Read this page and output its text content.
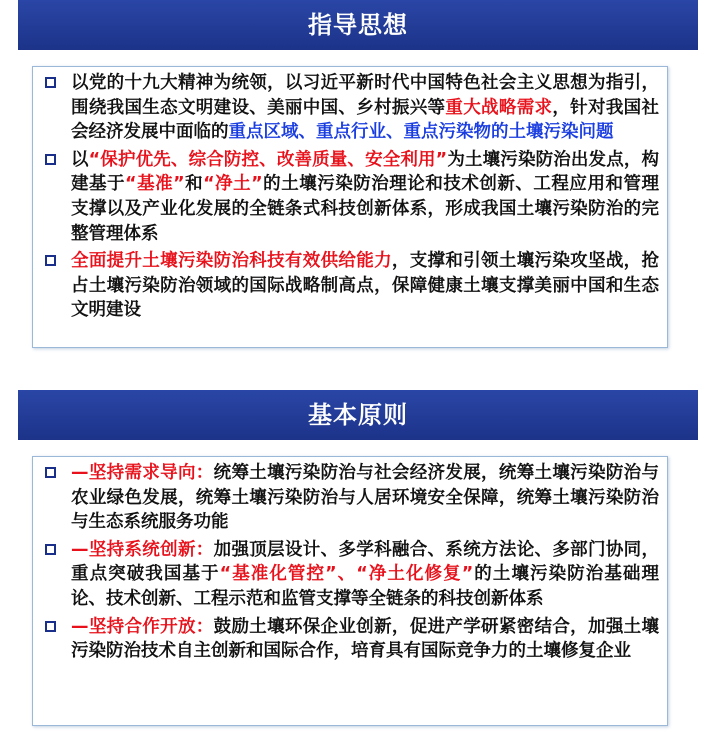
指导思想
以党的十九大精神为统领，以习近平新时代中国特色社会主义思想为指引，围绕我国生态文明建设、美丽中国、乡村振兴等重大战略需求，针对我国社会经济发展中面临的重点区域、重点行业、重点污染物的土壤污染问题
以“保护优先、综合防控、改善质量、安全利用”为土壤污染防治出发点，构建基于“基准”和“净土”的土壤污染防治理论和技术创新、工程应用和管理支撑以及产业化发展的全链条式科技创新体系，形成我国土壤污染防治的完整管理体系
全面提升土壤污染防治科技有效供给能力，支撑和引领土壤污染攻坚战，抢占土壤污染防治领域的国际战略制高点，保障健康土壤支撑美丽中国和生态文明建设
基本原则
—坚持需求导向：统筹土壤污染防治与社会经济发展，统筹土壤污染防治与农业绿色发展，统筹土壤污染防治与人居环境安全保障，统筹土壤污染防治与生态系统服务功能
—坚持系统创新：加强顶层设计、多学科融合、系统方法论、多部门协同，重点突破我国基于“基准化管控”、“净土化修复”的土壤污染防治基础理论、技术创新、工程示范和监管支撑等全链条的科技创新体系
—坚持合作开放：鼓励土壤环保企业创新，促进产学研紧密结合，加强土壤污染防治技术自主创新和国际合作，培育具有国际竞争力的土壤修复企业
